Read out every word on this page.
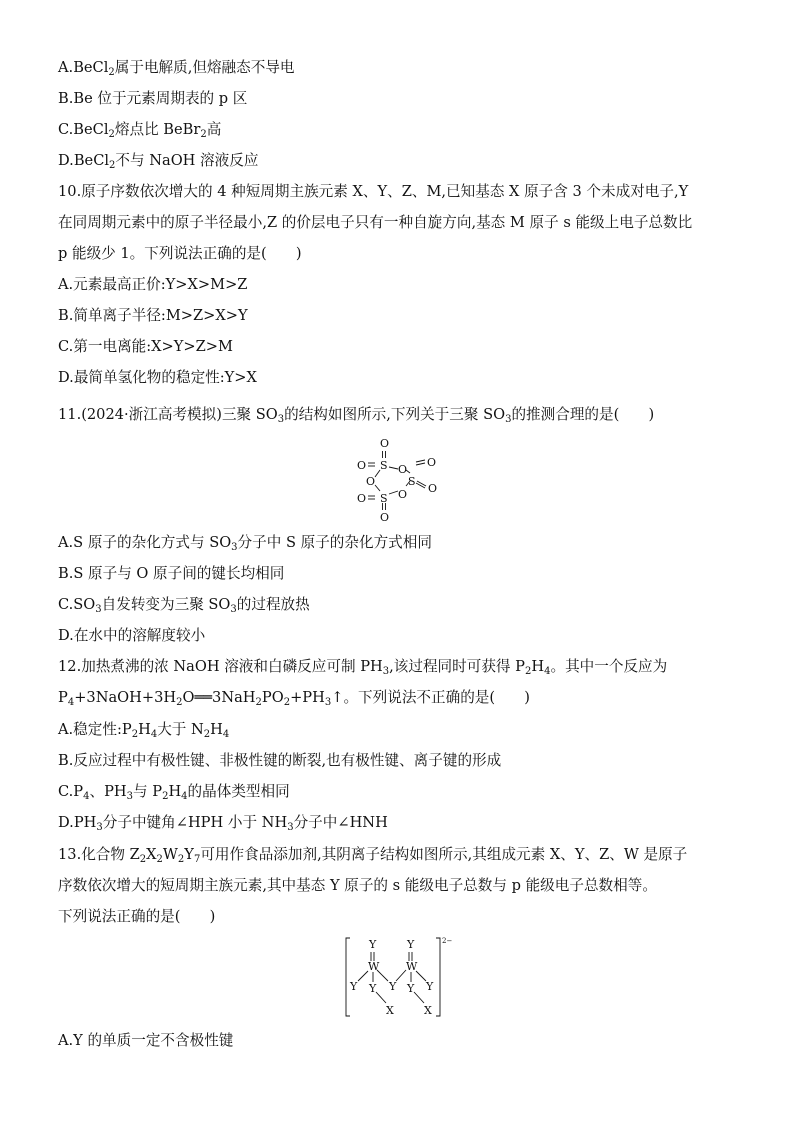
A.BeCl$_2$属于电解质,但熔融态不导电
B.Be 位于元素周期表的 p 区
C.BeCl$_2$熔点比 BeBr$_2$高
D.BeCl$_2$不与 NaOH 溶液反应
10.原子序数依次增大的 4 种短周期主族元素 X、Y、Z、M,已知基态 X 原子含 3 个未成对电子,Y
在同周期元素中的原子半径最小,Z 的价层电子只有一种自旋方向,基态 M 原子 s 能级上电子总数比
p 能级少 1。下列说法正确的是(　　)
A.元素最高正价:Y>X>M>Z
B.简单离子半径:M>Z>X>Y
C.第一电离能:X>Y>Z>M
D.最简单氢化物的稳定性:Y>X
11.(2024·浙江高考模拟)三聚 $SO_3$的结构如图所示,下列关于三聚 $SO_3$的推测合理的是(　　)
O
O S O
O
O	S
O
O S O
O
A.S 原子的杂化方式与 $SO_3$分子中 S 原子的杂化方式相同
B.S 原子与 O 原子间的键长均相同
$C.SO_3$自发转变为三聚 $SO_3$的过程放热
D.在水中的溶解度较小
12.加热煮沸的浓 NaOH 溶液和白磷反应可制 $PH_3$,该过程同时可获得 $P_2H_4$。其中一个反应为
$P_4+3NaOH+3H_2O══3NaH_2PO_2+PH_3↑$。下列说法不正确的是(　　)
A.稳定性$:P_2H_4$大于 $N_2H_4$
B.反应过程中有极性键、非极性键的断裂,也有极性键、离子键的形成
$C.P_4$、$PH_3$与 $P_2H_4$的晶体类型相同
$D.PH_3$分子中键角∠HPH 小于 $NH_3$分子中∠HNH
13.化合物 $Z_2X_2W_2Y_7$可用作食品添加剂,其阴离子结构如图所示,其组成元素 X、Y、Z、W 是原子
序数依次增大的短周期主族元素,其中基态 Y 原子的 s 能级电子总数与 p 能级电子总数相等。
下列说法正确的是(　　)
Y	Y
W W
Y Y Y Y Y
X	X
2−
A.Y 的单质一定不含极性键
